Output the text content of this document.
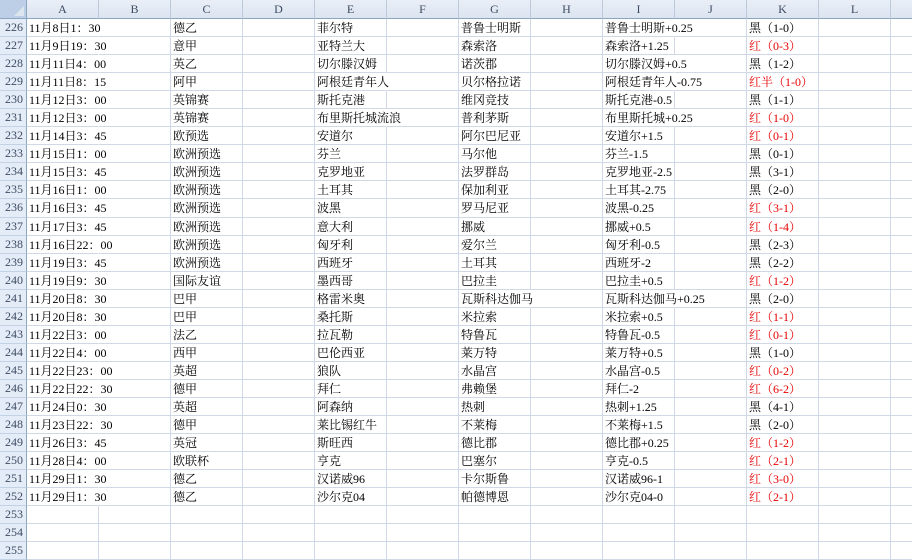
A	B	C	D	E	F	G	H	I	J	K	L
226 11月8日1：30	德乙	菲尔特	普鲁士明斯	普鲁士明斯+0.25	黑（1-0）
227 11月9日19：30	意甲	亚特兰大	森索洛	森索洛+1.25	红（0-3）
228 11月11日4：00	英乙	切尔滕汉姆	诺茨郡	切尔滕汉姆+0.5	黑（1-2）
229 11月11日8：15	阿甲	阿根廷青年人	贝尔格拉诺	阿根廷青年人-0.75	红半（1-0）
230 11月12日3：00	英锦赛	斯托克港	维冈竞技	斯托克港-0.5	黑（1-1）
231 11月12日3：00	英锦赛	布里斯托城流浪	普利茅斯	布里斯托城+0.25	红（1-0）
232 11月14日3：45	欧预选	安道尔	阿尔巴尼亚	安道尔+1.5	红（0-1）
233 11月15日1：00	欧洲预选	芬兰	马尔他	芬兰-1.5	黑（0-1）
234 11月15日3：45	欧洲预选	克罗地亚	法罗群岛	克罗地亚-2.5	黑（3-1）
235 11月16日1：00	欧洲预选	土耳其	保加利亚	土耳其-2.75	黑（2-0）
236 11月16日3：45	欧洲预选	波黑	罗马尼亚	波黑-0.25	红（3-1）
237 11月17日3：45	欧洲预选	意大利	挪威	挪威+0.5	红（1-4）
238 11月16日22：00	欧洲预选	匈牙利	爱尔兰	匈牙利-0.5	黑（2-3）
239 11月19日3：45	欧洲预选	西班牙	土耳其	西班牙-2	黑（2-2）
240 11月19日9：30	国际友谊	墨西哥	巴拉圭	巴拉圭+0.5	红（1-2）
241 11月20日8：30	巴甲	格雷米奥	瓦斯科达伽马	瓦斯科达伽马+0.25	黑（2-0）
242 11月20日8：30	巴甲	桑托斯	米拉索	米拉索+0.5	红（1-1）
243 11月22日3：00	法乙	拉瓦勒	特鲁瓦	特鲁瓦-0.5	红（0-1）
244 11月22日4：00	西甲	巴伦西亚	莱万特	莱万特+0.5	黑（1-0）
245 11月22日23：00	英超	狼队	水晶宫	水晶宫-0.5	红（0-2）
246 11月22日22：30	德甲	拜仁	弗赖堡	拜仁-2	红（6-2）
247 11月24日0：30	英超	阿森纳	热刺	热刺+1.25	黑（4-1）
248 11月23日22：30	德甲	莱比锡红牛	不莱梅	不莱梅+1.5	黑（2-0）
249 11月26日3：45	英冠	斯旺西	德比郡	德比郡+0.25	红（1-2）
250 11月28日4：00	欧联杯	亨克	巴塞尔	亨克-0.5	红（2-1）
251 11月29日1：30	德乙	汉诺威96	卡尔斯鲁	汉诺威96-1	红（3-0）
252 11月29日1：30	德乙	沙尔克04	帕德博恩	沙尔克04-0	红（2-1）
253
254
255
